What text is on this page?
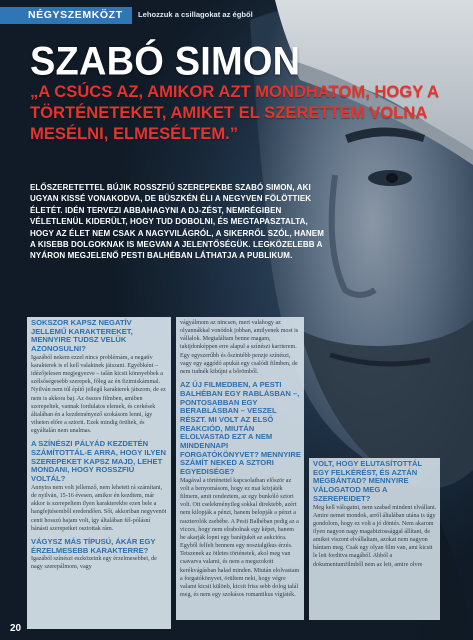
NÉGYSZEMKÖZT	Lehozzuk a csillagokat az égből
SZABÓ SIMON
„A CSÚCS AZ, AMIKOR AZT MONDHATOM, HOGY A TÖRTÉNETEKET, AMIKET EL SZERETTEM VOLNA MESÉLNI, ELMESÉLTEM.”
ELŐSZERETETTEL BÚJIK ROSSZFIÚ SZEREPEKBE SZABÓ SIMON, AKI UGYAN KISSÉ VONAKODVA, DE BÜSZKÉN ÉLI A NEGYVEN FÖLÖTTIEK ÉLETÉT. IDÉN TERVEZI ABBAHAGYNI A DJ-ZÉST, NEMRÉGIBEN VÉLETLENÜL KIDERÜLT, HOGY TUD DOBOLNI, ÉS MEGTAPASZTALTA, HOGY AZ ÉLET NEM CSAK A NAGYVILÁGRÓL, A SIKERRŐL SZÓL, HANEM A KISEBB DOLGOKNAK IS MEGVAN A JELENTŐSÉGÜK. LEGKÖZELEBB A NYÁRON MEGJELENŐ PESTI BALHÉBAN LÁTHATJA A PUBLIKUM.
SOKSZOR KAPSZ NEGATÍV JELLEMŰ KARAKTEREKET, MENNYIRE TUDSZ VELÜK AZONOSULNI?

Igazából nekem ezzel nincs problémám, a negatív karakterek is el kell valakinek játszani. Egyébként – idézőjelesen megjegyezve – talán kicsit könnyebbek a szélsőségesebb szerepek, főleg az én fizimiskámmal. Nyilván nem túl építő jellegű karakterek játszom, de ez nem is akkora baj. Az összes filmben, amiben szerepeltek, vannak fordulatos elemek, és cerkések általában én a kezdeményező szokásom lenni, így viheten előre a sztorit. Ezek mindig örültek, és egyáltalán nem unalmas.

A SZÍNÉSZI PÁLYÁD KEZDETÉN SZÁMÍTOTTÁL-E ARRA, HOGY ILYEN SZEREPEKET KAPSZ MAJD, LEHET MONDANI, HOGY ROSSZFIÚ VOLTÁL?

Annyira nem volt jellemző, nem lehetett rá számítani, de nyilván, 15-16 évesen, amikor én kezdtem, már akkor is szerepeltem ilyen karakterekbe ezen bele a hangfejtésemből eredendően. Sőt, akkoriban negyvenöt centi hosszú hajam volt, így általában fél-pólásní bánásti szerepeiket osztottak rám.

VÁGYSZ MÁS TÍPUSÚ, ÁKÁR EGY ÉRZELMESEBB KARAKTERRE?

Igazából színészi eszközeink egy érzelmesebbet, de nagy szerepálmom, vagy

vágyálmom az nincsen, mert valahogy az olyannákkal vonódok jobban, amilyenek most is vállalok. Megtaláltam benne magam, takijdonképpen erre alapul a színészi karrierem. Egy egyszerűbb és őszintébb penzje színészi, vagy egy aggódó apukát egy csalódi filmben, de nem tudnék kibújni a bőrömből.

AZ ÚJ FILMEDBEN, A PESTI BALHÉBAN EGY RABLÁSBAN –, PONTOSABBAN EGY BERABLÁSBAN – VESZEL RÉSZT. MI VOLT AZ ELSŐ REAKCIÓD, MIUTÁN ELOLVASTAD EZT A NEM MINDENNAPI FORGATÓKÖNYVET? MENNYIRE SZÁMÍT NEKED A SZTORI EGYEDISÉGE?

Magával a történettel kapcsolatban először az volt a benyomásom, hogy ez mai közjáték filmem, amit rendeztem, az egy bunkóló sztori volt. Ott cselekményileg sokkal direktebb, azért nem kilopják a pénzt, hanem belopják a pénzt a raszterolók zsebébe. A Pesti Balhéban pedig az a vicces, hogy nem elrabolnak egy képet, hanem be akarják lopni egy barátjukét az aukcióra. Egyből felfelt bennem egy nosztalgikus érzés. Tetszenek az ötletes történetek, akol meg van csavarva valami, és nem a megszokott kerékvágásban halad minden. Miután elolvastam a forgatókönyvet, örültem neki, hogy végre valami kicsit különb, kicsit friss sebb dolog talál meg, és nem egy szokásos romantikus vígjáték.

VOLT, HOGY ELUTASÍTOTTÁL EGY FELKÉRÉST, ÉS AZTÁN MEGBÁNTAD? MENNYIRE VÁLOGATOD MEG A SZEREPEIDET?

Meg kell válogatni, nem szabad mindent elvállani. Amire nemet mondok, arról általában utána is úgy gondolom, hogy ez volt a jó döntés. Nem akarom ilyen nagyon nagy magabiztossággal állítani, de amiket viszont elvállaltam, azokat nem nagyon bántam meg. Csak egy olyan film van, ami kicsit le lett forditva magából. Abból a dokumentumfilmből nem az lett, amire olvre

20
